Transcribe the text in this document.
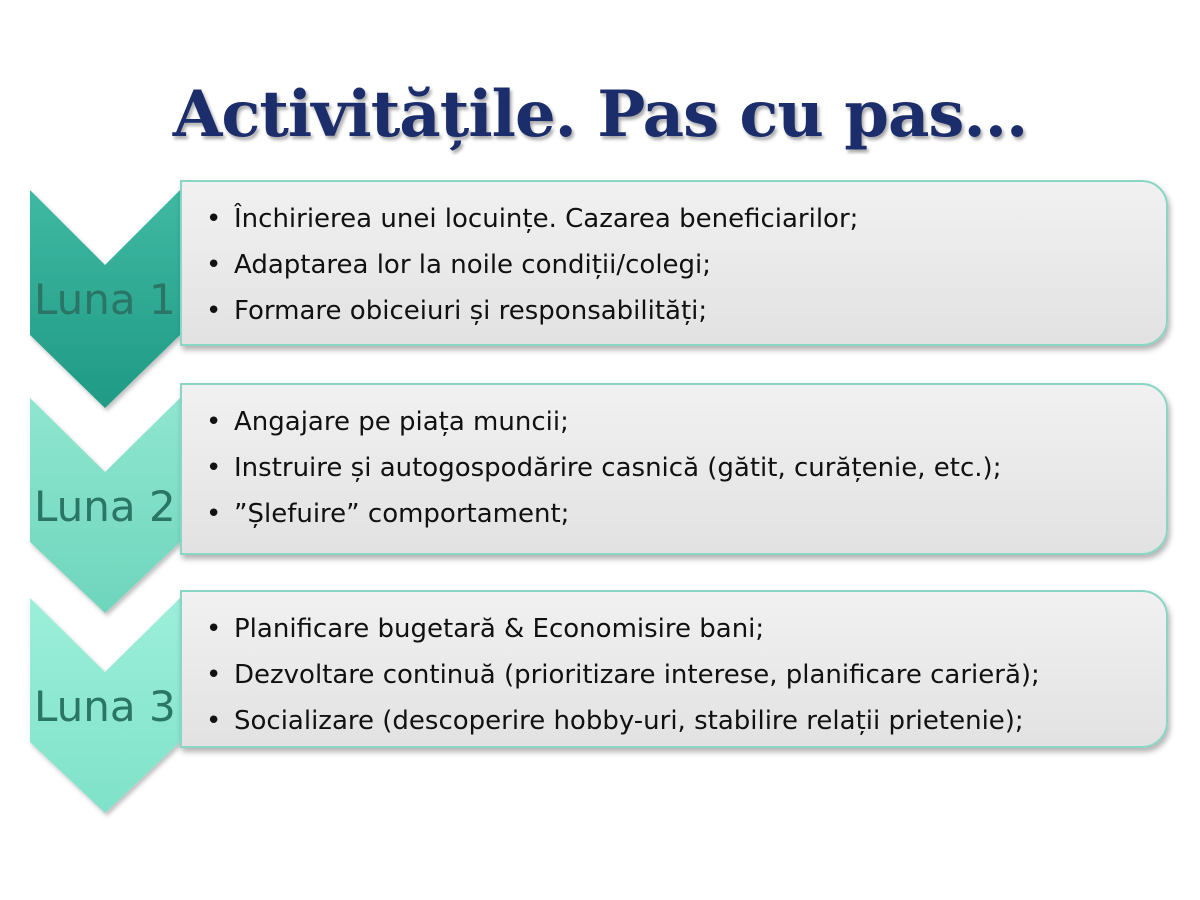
Activitățile. Pas cu pas...
Luna 1
Luna 2
Luna 3
• Închirierea unei locuințe. Cazarea beneficiarilor;
• Adaptarea lor la noile condiții/colegi;
• Formare obiceiuri și responsabilități;
• Angajare pe piața muncii;
• Instruire și autogospodărire casnică (gătit, curățenie, etc.);
• ”Șlefuire” comportament;
• Planificare bugetară & Economisire bani;
• Dezvoltare continuă (prioritizare interese, planificare carieră);
• Socializare (descoperire hobby-uri, stabilire relații prietenie);
